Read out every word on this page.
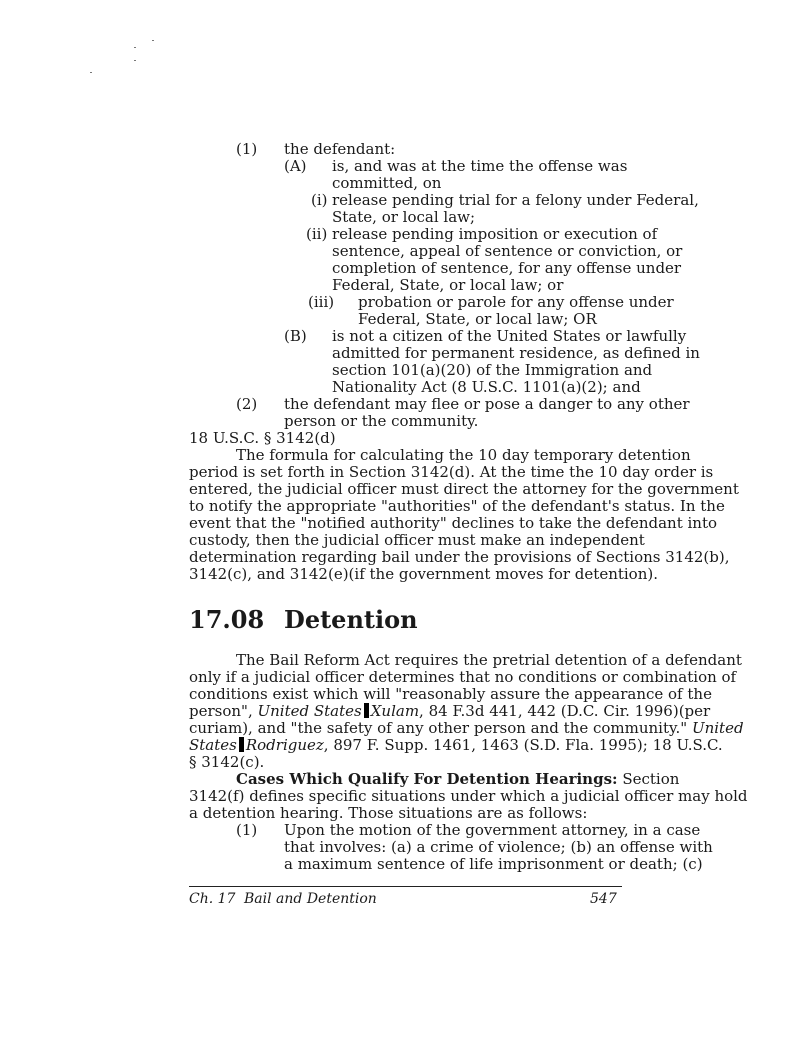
(1) the defendant:
(A) is, and was at the time the offense was
committed, on
(i) release pending trial for a felony under Federal,
State, or local law;
(ii) release pending imposition or execution of
sentence, appeal of sentence or conviction, or
completion of sentence, for any offense under
Federal, State, or local law; or
(iii) probation or parole for any offense under
Federal, State, or local law; OR
(B) is not a citizen of the United States or lawfully
admitted for permanent residence, as defined in
section 101(a)(20) of the Immigration and
Nationality Act (8 U.S.C. 1101(a)(2); and
(2) the defendant may flee or pose a danger to any other
person or the community.
18 U.S.C. § 3142(d)
The formula for calculating the 10 day temporary detention
period is set forth in Section 3142(d). At the time the 10 day order is
entered, the judicial officer must direct the attorney for the government
to notify the appropriate "authorities" of the defendant's status. In the
event that the "notified authority" declines to take the defendant into
custody, then the judicial officer must make an independent
determination regarding bail under the provisions of Sections 3142(b),
3142(c), and 3142(e)(if the government moves for detention).
17.08 Detention
The Bail Reform Act requires the pretrial detention of a defendant
only if a judicial officer determines that no conditions or combination of
conditions exist which will "reasonably assure the appearance of the
person", United States Xulam, 84 F.3d 441, 442 (D.C. Cir. 1996)(per
curiam), and "the safety of any other person and the community." United
States Rodriguez, 897 F. Supp. 1461, 1463 (S.D. Fla. 1995); 18 U.S.C.
§ 3142(c).
Cases Which Qualify For Detention Hearings: Section
3142(f) defines specific situations under which a judicial officer may hold
a detention hearing. Those situations are as follows:
(1) Upon the motion of the government attorney, in a case
that involves: (a) a crime of violence; (b) an offense with
a maximum sentence of life imprisonment or death; (c)
Ch. 17 Bail and Detention	547
